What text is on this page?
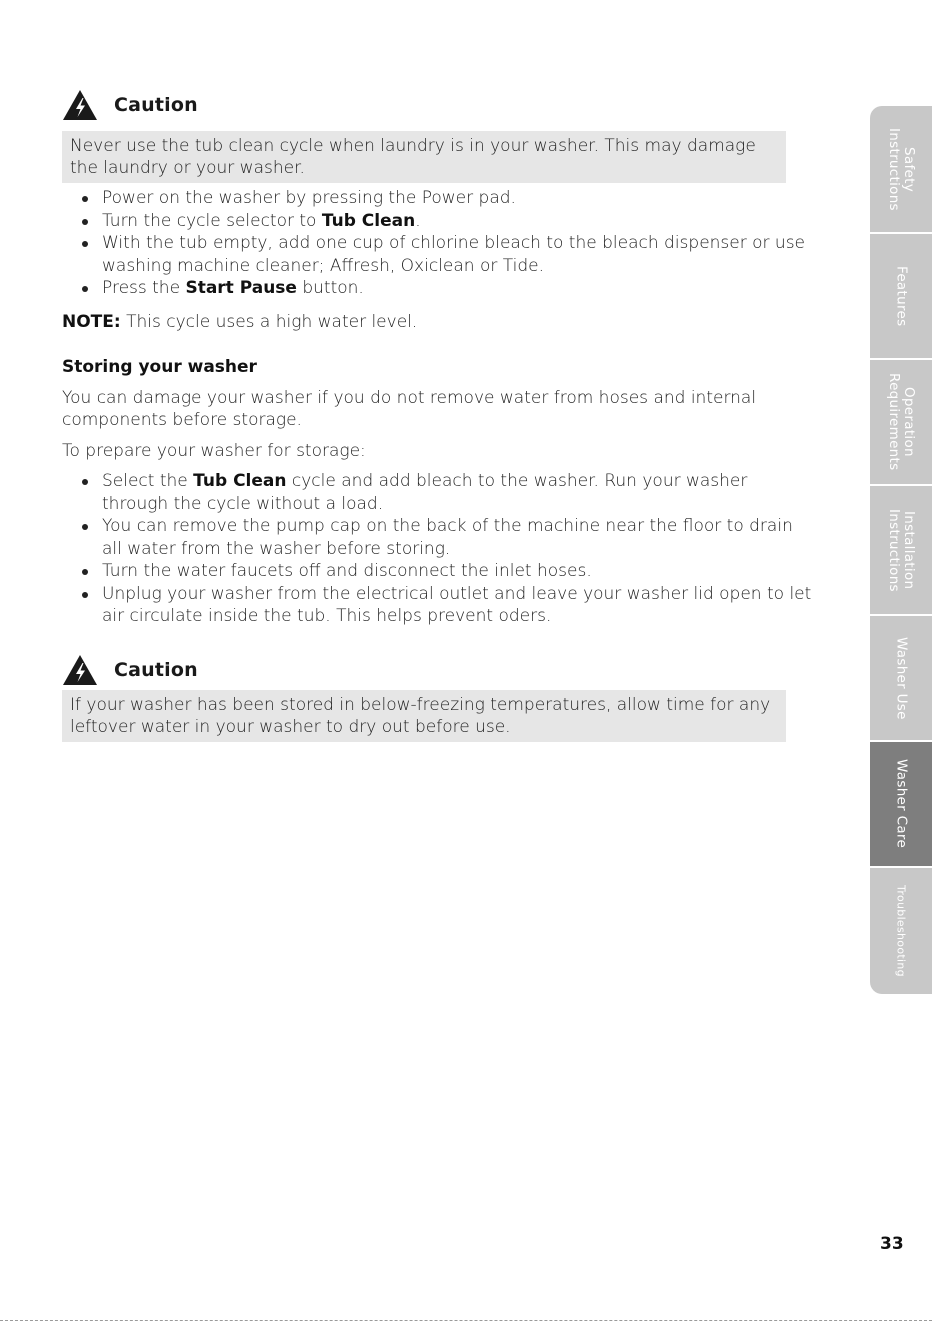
Caution
Never use the tub clean cycle when laundry is in your washer. This may damage the laundry or your washer.
Power on the washer by pressing the Power pad.
Turn the cycle selector to Tub Clean.
With the tub empty, add one cup of chlorine bleach to the bleach dispenser or use washing machine cleaner; Affresh, Oxiclean or Tide.
Press the Start Pause button.
NOTE: This cycle uses a high water level.
Storing your washer
You can damage your washer if you do not remove water from hoses and internal components before storage.
To prepare your washer for storage:
Select the Tub Clean cycle and add bleach to the washer. Run your washer through the cycle without a load.
You can remove the pump cap on the back of the machine near the floor to drain all water from the washer before storing.
Turn the water faucets off and disconnect the inlet hoses.
Unplug your washer from the electrical outlet and leave your washer lid open to let air circulate inside the tub. This helps prevent oders.
Caution
If your washer has been stored in below-freezing temperatures, allow time for any leftover water in your washer to dry out before use.
Safety
Instructions
Features
Operation
Requirements
Installation
Instructions
Washer Use
Washer Care
Troubleshooting
33
